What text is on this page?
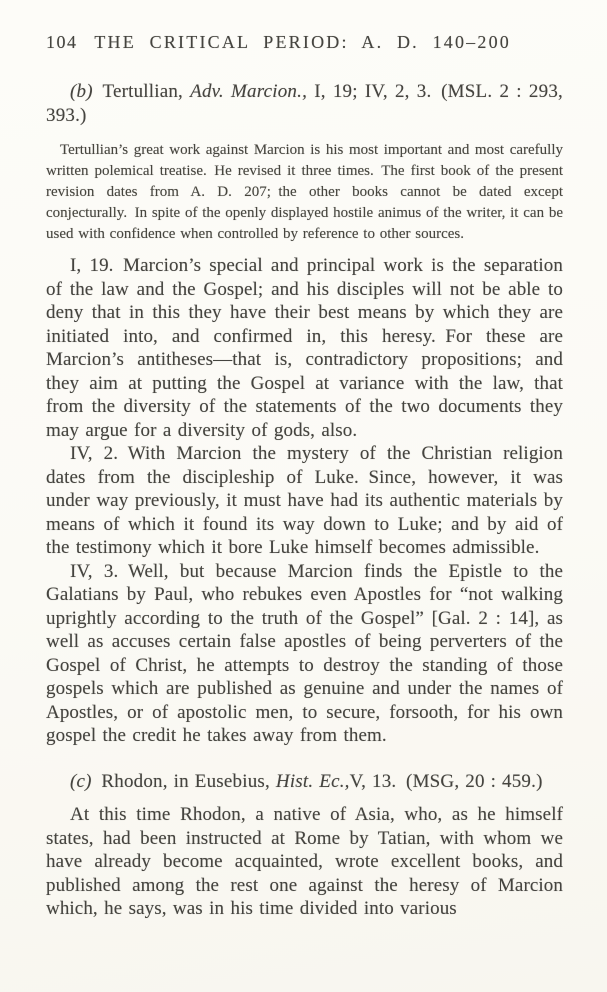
104 THE CRITICAL PERIOD: A. D. 140–200

(b) Tertullian, Adv. Marcion., I, 19; IV, 2, 3. (MSL. 2 : 293, 393.)

Tertullian’s great work against Marcion is his most important and most carefully written polemical treatise. He revised it three times. The first book of the present revision dates from A. D. 207; the other books cannot be dated except conjecturally. In spite of the openly displayed hostile animus of the writer, it can be used with confidence when controlled by reference to other sources.

I, 19. Marcion’s special and principal work is the separation of the law and the Gospel; and his disciples will not be able to deny that in this they have their best means by which they are initiated into, and confirmed in, this heresy. For these are Marcion’s antitheses—that is, contradictory propositions; and they aim at putting the Gospel at variance with the law, that from the diversity of the statements of the two documents they may argue for a diversity of gods, also.

IV, 2. With Marcion the mystery of the Christian religion dates from the discipleship of Luke. Since, however, it was under way previously, it must have had its authentic materials by means of which it found its way down to Luke; and by aid of the testimony which it bore Luke himself becomes admissible.

IV, 3. Well, but because Marcion finds the Epistle to the Galatians by Paul, who rebukes even Apostles for “not walking uprightly according to the truth of the Gospel” [Gal. 2 : 14], as well as accuses certain false apostles of being perverters of the Gospel of Christ, he attempts to destroy the standing of those gospels which are published as genuine and under the names of Apostles, or of apostolic men, to secure, forsooth, for his own gospel the credit he takes away from them.

(c) Rhodon, in Eusebius, Hist. Ec.,V, 13. (MSG, 20 : 459.)

At this time Rhodon, a native of Asia, who, as he himself states, had been instructed at Rome by Tatian, with whom we have already become acquainted, wrote excellent books, and published among the rest one against the heresy of Marcion which, he says, was in his time divided into various
